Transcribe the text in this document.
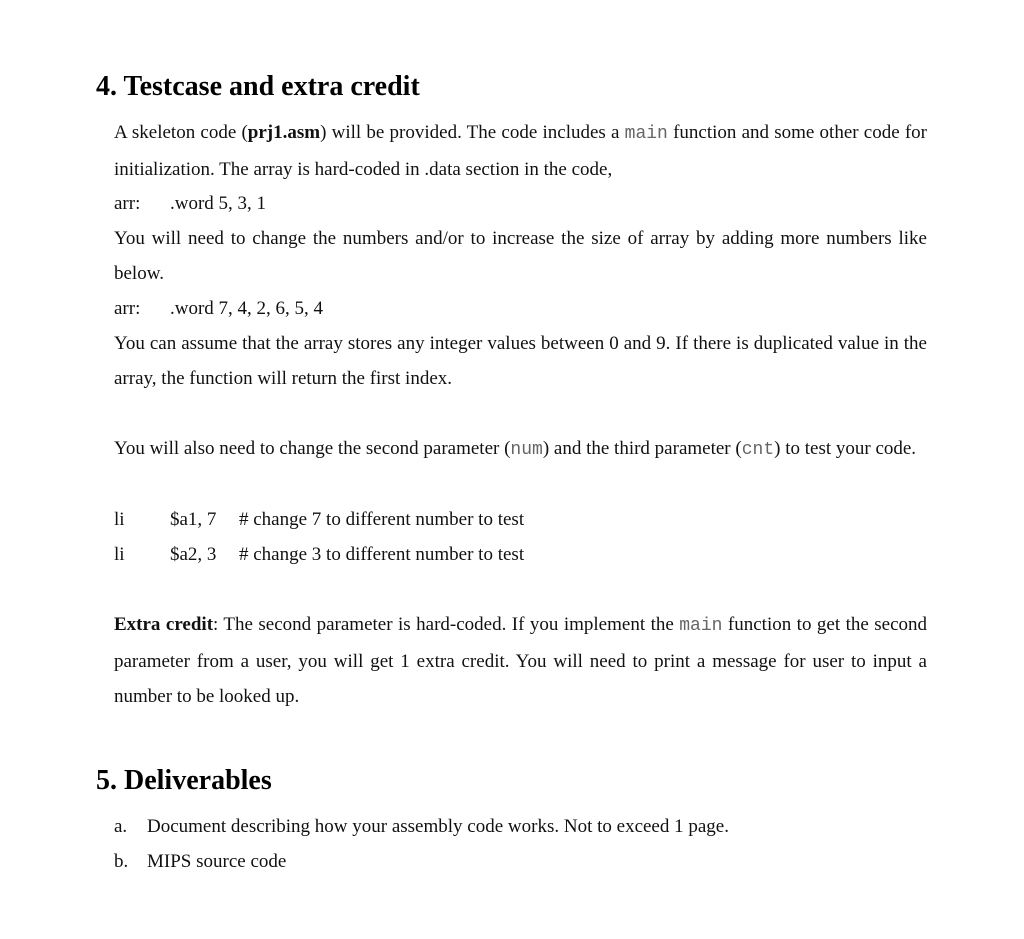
4. Testcase and extra credit

A skeleton code (prj1.asm) will be provided. The code includes a main function and some other code for initialization. The array is hard-coded in .data section in the code,

arr: .word 5, 3, 1

You will need to change the numbers and/or to increase the size of array by adding more numbers like below.

arr: .word 7, 4, 2, 6, 5, 4

You can assume that the array stores any integer values between 0 and 9. If there is duplicated value in the array, the function will return the first index.

You will also need to change the second parameter (num) and the third parameter (cnt) to test your code.

li $a1, 7 # change 7 to different number to test
li $a2, 3 # change 3 to different number to test

Extra credit: The second parameter is hard-coded. If you implement the main function to get the second parameter from a user, you will get 1 extra credit. You will need to print a message for user to input a number to be looked up.

5. Deliverables
a. Document describing how your assembly code works. Not to exceed 1 page.
b. MIPS source code
